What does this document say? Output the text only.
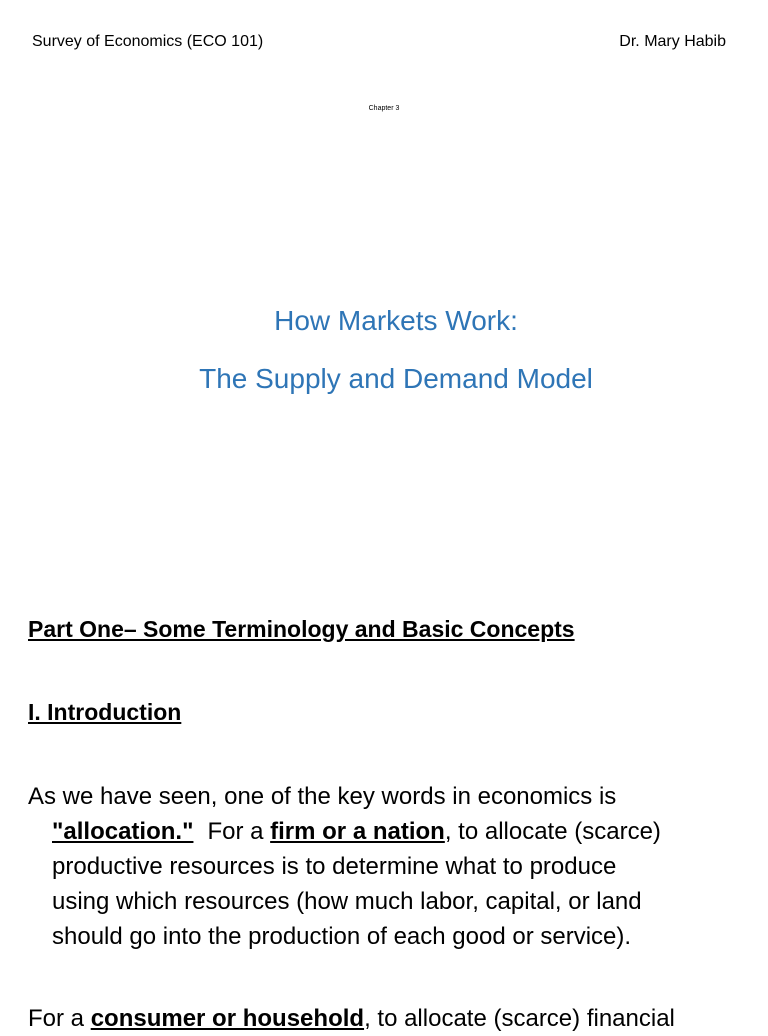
Survey of Economics (ECO 101)	Dr. Mary Habib
Chapter 3
How Markets Work:
The Supply and Demand Model
Part One– Some Terminology and Basic Concepts
I. Introduction

As we have seen, one of the key words in economics is
"allocation." For a firm or a nation, to allocate (scarce)
productive resources is to determine what to produce
using which resources (how much labor, capital, or land
should go into the production of each good or service).

For a consumer or household, to allocate (scarce) financial
